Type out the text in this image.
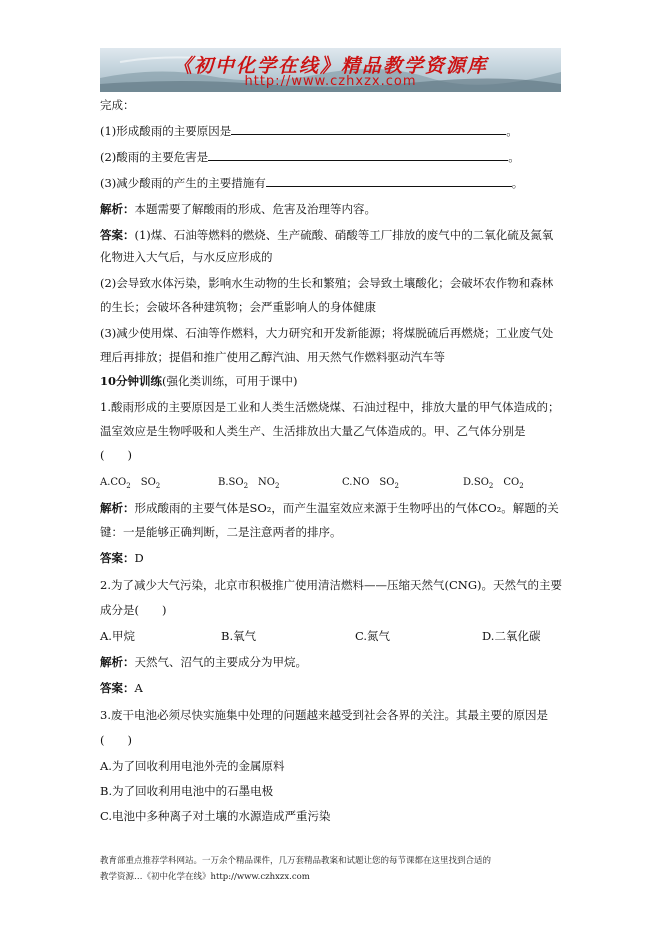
《初中化学在线》精品教学资源库
http://www.czhxzx.com
完成：
(1)形成酸雨的主要原因是	。
(2)酸雨的主要危害是	。
(3)减少酸雨的产生的主要措施有	。
解析：本题需要了解酸雨的形成、危害及治理等内容。
答案：(1)煤、石油等燃料的燃烧、生产硫酸、硝酸等工厂排放的废气中的二氧化硫及氮氧
化物进入大气后，与水反应形成的
(2)会导致水体污染，影响水生动物的生长和繁殖；会导致土壤酸化；会破坏农作物和森林
的生长；会破坏各种建筑物；会严重影响人的身体健康
(3)减少使用煤、石油等作燃料，大力研究和开发新能源；将煤脱硫后再燃烧；工业废气处
理后再排放；提倡和推广使用乙醇汽油、用天然气作燃料驱动汽车等
10分钟训练(强化类训练，可用于课中)
1.酸雨形成的主要原因是工业和人类生活燃烧煤、石油过程中，排放大量的甲气体造成的；
温室效应是生物呼吸和人类生产、生活排放出大量乙气体造成的。甲、乙气体分别是
(　　)
$A.CO_2$　$SO_2$	$B.SO_2$　$NO_2$	C.NO　$SO_2$	$D.SO_2$　$CO_2$
解析：形成酸雨的主要气体是SO₂，而产生温室效应来源于生物呼出的气体CO₂。解题的关
键：一是能够正确判断，二是注意两者的排序。
答案：D
2.为了减少大气污染，北京市积极推广使用清洁燃料——压缩天然气(CNG)。天然气的主要
成分是(　　)
A.甲烷	B.氧气	C.氮气	D.二氧化碳
解析：天然气、沼气的主要成分为甲烷。
答案：A
3.废干电池必须尽快实施集中处理的问题越来越受到社会各界的关注。其最主要的原因是
(　　)
A.为了回收利用电池外壳的金属原料
B.为了回收利用电池中的石墨电极
C.电池中多种离子对土壤的水源造成严重污染
教育部重点推荐学科网站。一万余个精品课件，几万套精品教案和试题让您的每节课都在这里找到合适的
教学资源…《初中化学在线》http://www.czhxzx.com
